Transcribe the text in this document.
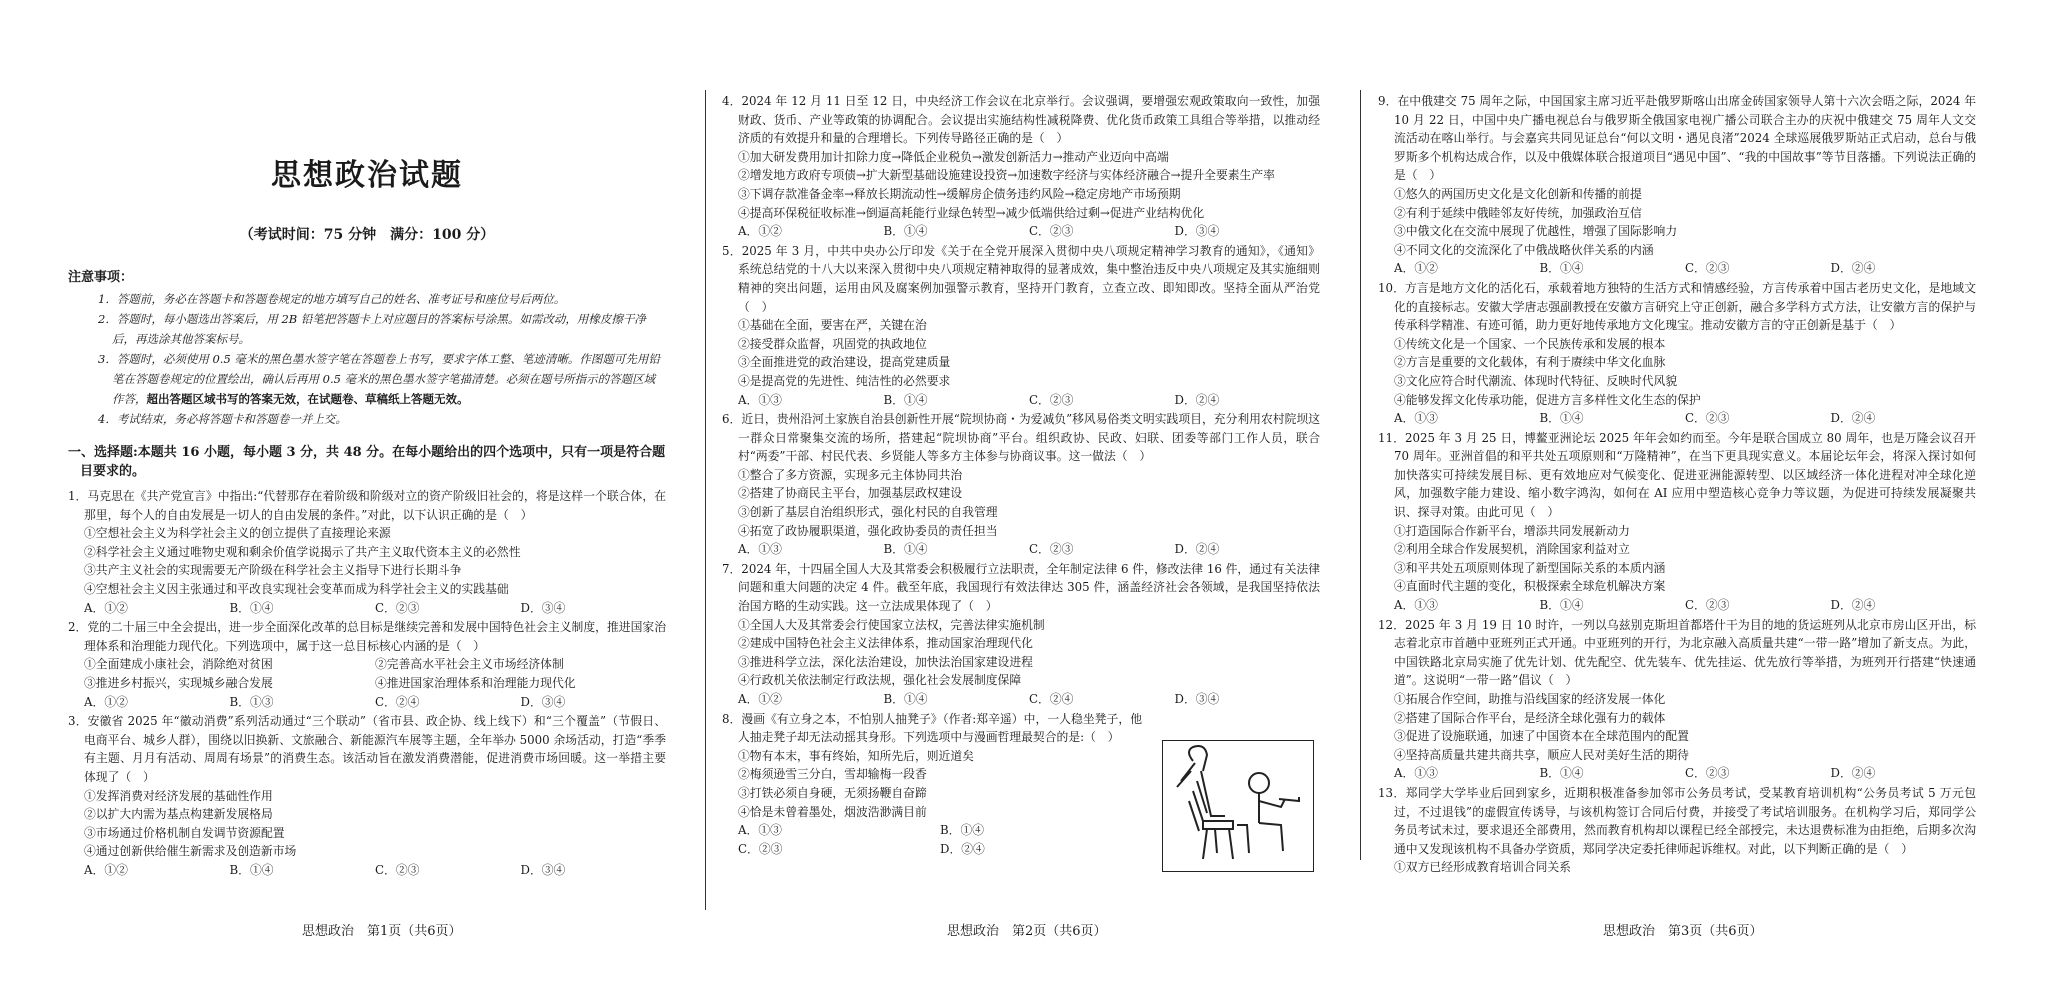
思想政治试题
（考试时间：75 分钟　满分：100 分）
注意事项：
1．答题前，务必在答题卡和答题卷规定的地方填写自己的姓名、准考证号和座位号后两位。
2．答题时，每小题选出答案后，用 2B 铅笔把答题卡上对应题目的答案标号涂黑。如需改动，用橡皮擦干净后，再选涂其他答案标号。
3．答题时，必须使用 0.5 毫米的黑色墨水签字笔在答题卷上书写，要求字体工整、笔迹清晰。作图题可先用铅笔在答题卷规定的位置绘出，确认后再用 0.5 毫米的黑色墨水签字笔描清楚。必须在题号所指示的答题区域作答，超出答题区域书写的答案无效，在试题卷、草稿纸上答题无效。
4．考试结束，务必将答题卡和答题卷一并上交。
一、选择题:本题共 16 小题，每小题 3 分，共 48 分。在每小题给出的四个选项中，只有一项是符合题目要求的。
1．马克思在《共产党宣言》中指出:“代替那存在着阶级和阶级对立的资产阶级旧社会的，将是这样一个联合体，在那里，每个人的自由发展是一切人的自由发展的条件。”对此，以下认识正确的是（　）
①空想社会主义为科学社会主义的创立提供了直接理论来源
②科学社会主义通过唯物史观和剩余价值学说揭示了共产主义取代资本主义的必然性
③共产主义社会的实现需要无产阶级在科学社会主义指导下进行长期斗争
④空想社会主义因主张通过和平改良实现社会变革而成为科学社会主义的实践基础
A．①②	B．①④	C．②③	D．③④
2．党的二十届三中全会提出，进一步全面深化改革的总目标是继续完善和发展中国特色社会主义制度，推进国家治理体系和治理能力现代化。下列选项中，属于这一总目标核心内涵的是（　）
①全面建成小康社会，消除绝对贫困	②完善高水平社会主义市场经济体制
③推进乡村振兴，实现城乡融合发展	④推进国家治理体系和治理能力现代化
A．①②	B．①③	C．②④	D．③④
3．安徽省 2025 年“徽动消费”系列活动通过“三个联动”（省市县、政企协、线上线下）和“三个覆盖”（节假日、电商平台、城乡人群），围绕以旧换新、文旅融合、新能源汽车展等主题，全年举办 5000 余场活动，打造“季季有主题、月月有活动、周周有场景”的消费生态。该活动旨在激发消费潜能，促进消费市场回暖。这一举措主要体现了（　）
①发挥消费对经济发展的基础性作用
②以扩大内需为基点构建新发展格局
③市场通过价格机制自发调节资源配置
④通过创新供给催生新需求及创造新市场
A．①②	B．①④	C．②③	D．③④
4．2024 年 12 月 11 日至 12 日，中央经济工作会议在北京举行。会议强调，要增强宏观政策取向一致性，加强财政、货币、产业等政策的协调配合。会议提出实施结构性减税降费、优化货币政策工具组合等举措，以推动经济质的有效提升和量的合理增长。下列传导路径正确的是（　）
①加大研发费用加计扣除力度→降低企业税负→激发创新活力→推动产业迈向中高端
②增发地方政府专项债→扩大新型基础设施建设投资→加速数字经济与实体经济融合→提升全要素生产率
③下调存款准备金率→释放长期流动性→缓解房企债务违约风险→稳定房地产市场预期
④提高环保税征收标准→倒逼高耗能行业绿色转型→减少低端供给过剩→促进产业结构优化
A．①②	B．①④	C．②③	D．③④
5．2025 年 3 月，中共中央办公厅印发《关于在全党开展深入贯彻中央八项规定精神学习教育的通知》，《通知》系统总结党的十八大以来深入贯彻中央八项规定精神取得的显著成效，集中整治违反中央八项规定及其实施细则精神的突出问题，运用由风及腐案例加强警示教育，坚持开门教育，立查立改、即知即改。坚持全面从严治党（　）
①基础在全面，要害在严，关键在治
②接受群众监督，巩固党的执政地位
③全面推进党的政治建设，提高党建质量
④是提高党的先进性、纯洁性的必然要求
A．①③	B．①④	C．②③	D．②④
6．近日，贵州沿河土家族自治县创新性开展“院坝协商・为爱减负”移风易俗类文明实践项目，充分利用农村院坝这一群众日常聚集交流的场所，搭建起“院坝协商”平台。组织政协、民政、妇联、团委等部门工作人员，联合村“两委”干部、村民代表、乡贤能人等多方主体参与协商议事。这一做法（　）
①整合了多方资源，实现多元主体协同共治
②搭建了协商民主平台，加强基层政权建设
③创新了基层自治组织形式，强化村民的自我管理
④拓宽了政协履职渠道，强化政协委员的责任担当
A．①③	B．①④	C．②③	D．②④
7．2024 年，十四届全国人大及其常委会积极履行立法职责，全年制定法律 6 件，修改法律 16 件，通过有关法律问题和重大问题的决定 4 件。截至年底，我国现行有效法律达 305 件，涵盖经济社会各领域，是我国坚持依法治国方略的生动实践。这一立法成果体现了（　）
①全国人大及其常委会行使国家立法权，完善法律实施机制
②建成中国特色社会主义法律体系，推动国家治理现代化
③推进科学立法，深化法治建设，加快法治国家建设进程
④行政机关依法制定行政法规，强化社会发展制度保障
A．①②	B．①④	C．②④	D．③④
8．漫画《有立身之本，不怕别人抽凳子》（作者:郑辛遥）中，一人稳坐凳子，他人抽走凳子却无法动摇其身形。下列选项中与漫画哲理最契合的是:（　）
①物有本末，事有终始，知所先后，则近道矣
②梅须逊雪三分白，雪却输梅一段香
③打铁必须自身硬，无须扬鞭自奋蹄
④恰是未曾着墨处，烟波浩渺满目前
A．①③	B．①④
C．②③	D．②④
9．在中俄建交 75 周年之际，中国国家主席习近平赴俄罗斯喀山出席金砖国家领导人第十六次会晤之际，2024 年 10 月 22 日，中国中央广播电视总台与俄罗斯全俄国家电视广播公司联合主办的庆祝中俄建交 75 周年人文交流活动在喀山举行。与会嘉宾共同见证总台“何以文明・遇见良渚”2024 全球巡展俄罗斯站正式启动，总台与俄罗斯多个机构达成合作，以及中俄媒体联合报道项目“遇见中国”、“我的中国故事”等节目落播。下列说法正确的是（　）
①悠久的两国历史文化是文化创新和传播的前提
②有利于延续中俄睦邻友好传统，加强政治互信
③中俄文化在交流中展现了优越性，增强了国际影响力
④不同文化的交流深化了中俄战略伙伴关系的内涵
A．①②	B．①④	C．②③	D．②④
10．方言是地方文化的活化石，承载着地方独特的生活方式和情感经验，方言传承着中国古老历史文化，是地域文化的直接标志。安徽大学唐志强副教授在安徽方言研究上守正创新，融合多学科方式方法，让安徽方言的保护与传承科学精准、有迹可循，助力更好地传承地方文化瑰宝。推动安徽方言的守正创新是基于（　）
①传统文化是一个国家、一个民族传承和发展的根本
②方言是重要的文化载体，有利于赓续中华文化血脉
③文化应符合时代潮流、体现时代特征、反映时代风貌
④能够发挥文化传承功能，促进方言多样性文化生态的保护
A．①③	B．①④	C．②③	D．②④
11．2025 年 3 月 25 日，博鳌亚洲论坛 2025 年年会如约而至。今年是联合国成立 80 周年，也是万隆会议召开 70 周年。亚洲首倡的和平共处五项原则和“万隆精神”，在当下更具现实意义。本届论坛年会，将深入探讨如何加快落实可持续发展目标、更有效地应对气候变化、促进亚洲能源转型、以区域经济一体化进程对冲全球化逆风，加强数字能力建设、缩小数字鸿沟，如何在 AI 应用中塑造核心竞争力等议题，为促进可持续发展凝聚共识、探寻对策。由此可见（　）
①打造国际合作新平台，增添共同发展新动力
②利用全球合作发展契机，消除国家利益对立
③和平共处五项原则体现了新型国际关系的本质内涵
④直面时代主题的变化，积极探索全球危机解决方案
A．①③	B．①④	C．②③	D．②④
12．2025 年 3 月 19 日 10 时许，一列以乌兹别克斯坦首都塔什干为目的地的货运班列从北京市房山区开出，标志着北京市首趟中亚班列正式开通。中亚班列的开行，为北京融入高质量共建“一带一路”增加了新支点。为此，中国铁路北京局实施了优先计划、优先配空、优先装车、优先挂运、优先放行等举措，为班列开行搭建“快速通道”。这说明“一带一路”倡议（　）
①拓展合作空间，助推与沿线国家的经济发展一体化
②搭建了国际合作平台，是经济全球化强有力的载体
③促进了设施联通，加速了中国资本在全球范围内的配置
④坚持高质量共建共商共享，顺应人民对美好生活的期待
A．①③	B．①④	C．②③	D．②④
13．郑同学大学毕业后回到家乡，近期积极准备参加邻市公务员考试，受某教育培训机构“公务员考试 5 万元包过，不过退钱”的虚假宣传诱导，与该机构签订合同后付费，并接受了考试培训服务。在机构学习后，郑同学公务员考试未过，要求退还全部费用，然而教育机构却以课程已经全部授完，未达退费标准为由拒绝，后期多次沟通中又发现该机构不具备办学资质，郑同学决定委托律师起诉维权。对此，以下判断正确的是（　）
①双方已经形成教育培训合同关系
思想政治　第1页（共6页）	思想政治　第2页（共6页）	思想政治　第3页（共6页）
